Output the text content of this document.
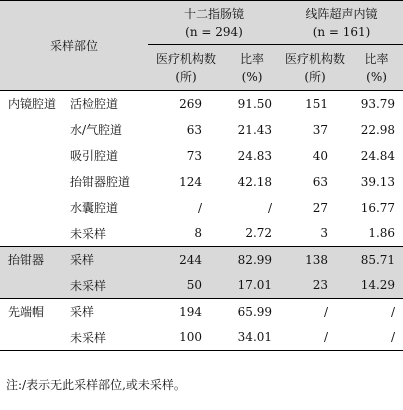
采样部位		十二指肠镜
(n = 294)		线阵超声内镜
(n = 161)	

		医疗机构数
(所)	比率
(%)	医疗机构数
(所)	比率
(%)

内镜腔道	活检腔道	269	91.50	151	93.79
	水/气腔道	63	21.43	37	22.98
	吸引腔道	73	24.83	40	24.84
	抬钳器腔道	124	42.18	63	39.13
	水囊腔道	/	/	27	16.77
	未采样	8	2.72	3	1.86
抬钳器	采样	244	82.99	138	85.71
	未采样	50	17.01	23	14.29
先端帽	采样	194	65.99	/	/
	未采样	100	34.01	/	/
注:/表示无此采样部位,或未采样。
